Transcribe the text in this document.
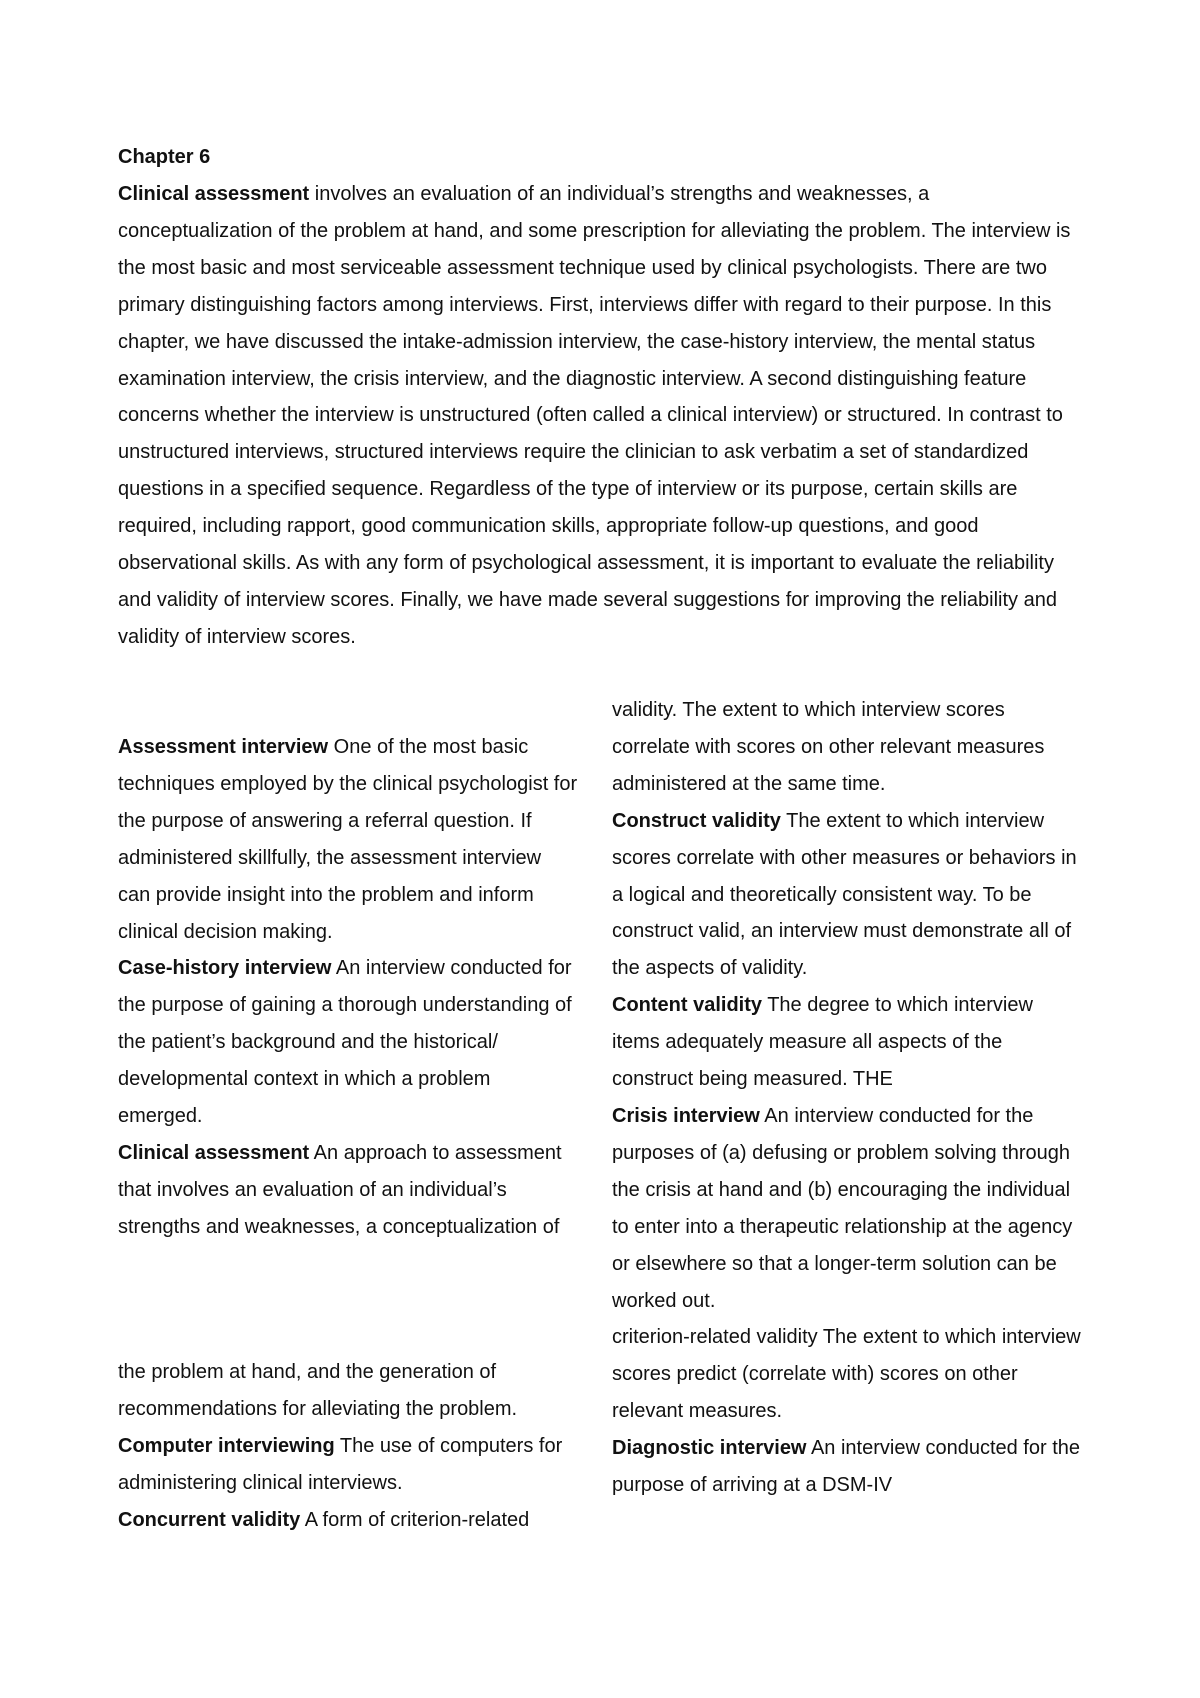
Chapter 6

Clinical assessment involves an evaluation of an individual’s strengths and weaknesses, a conceptualization of the problem at hand, and some prescription for alleviating the problem. The interview is the most basic and most serviceable assessment technique used by clinical psychologists. There are two primary distinguishing factors among interviews. First, interviews differ with regard to their purpose. In this chapter, we have discussed the intake-admission interview, the case-history interview, the mental status examination interview, the crisis interview, and the diagnostic interview. A second distinguishing feature concerns whether the interview is unstructured (often called a clinical interview) or structured. In contrast to unstructured interviews, structured interviews require the clinician to ask verbatim a set of standardized questions in a specified sequence. Regardless of the type of interview or its purpose, certain skills are required, including rapport, good communication skills, appropriate follow-up questions, and good observational skills. As with any form of psychological assessment, it is important to evaluate the reliability and validity of interview scores. Finally, we have made several suggestions for improving the reliability and validity of interview scores.

Assessment interview One of the most basic techniques employed by the clinical psychologist for the purpose of answering a referral question. If administered skillfully, the assessment interview can provide insight into the problem and inform clinical decision making.

Case-history interview An interview conducted for the purpose of gaining a thorough understanding of the patient’s background and the historical/ developmental context in which a problem emerged.

Clinical assessment An approach to assessment that involves an evaluation of an individual’s strengths and weaknesses, a conceptualization of

the problem at hand, and the generation of recommendations for alleviating the problem.

Computer interviewing The use of computers for administering clinical interviews.

Concurrent validity A form of criterion-related

validity. The extent to which interview scores correlate with scores on other relevant measures administered at the same time.

Construct validity The extent to which interview scores correlate with other measures or behaviors in a logical and theoretically consistent way. To be construct valid, an interview must demonstrate all of the aspects of validity.

Content validity The degree to which interview items adequately measure all aspects of the construct being measured. THE

Crisis interview An interview conducted for the purposes of (a) defusing or problem solving through the crisis at hand and (b) encouraging the individual to enter into a therapeutic relationship at the agency or elsewhere so that a longer-term solution can be worked out.

criterion-related validity The extent to which interview scores predict (correlate with) scores on other relevant measures.

Diagnostic interview An interview conducted for the purpose of arriving at a DSM-IV
